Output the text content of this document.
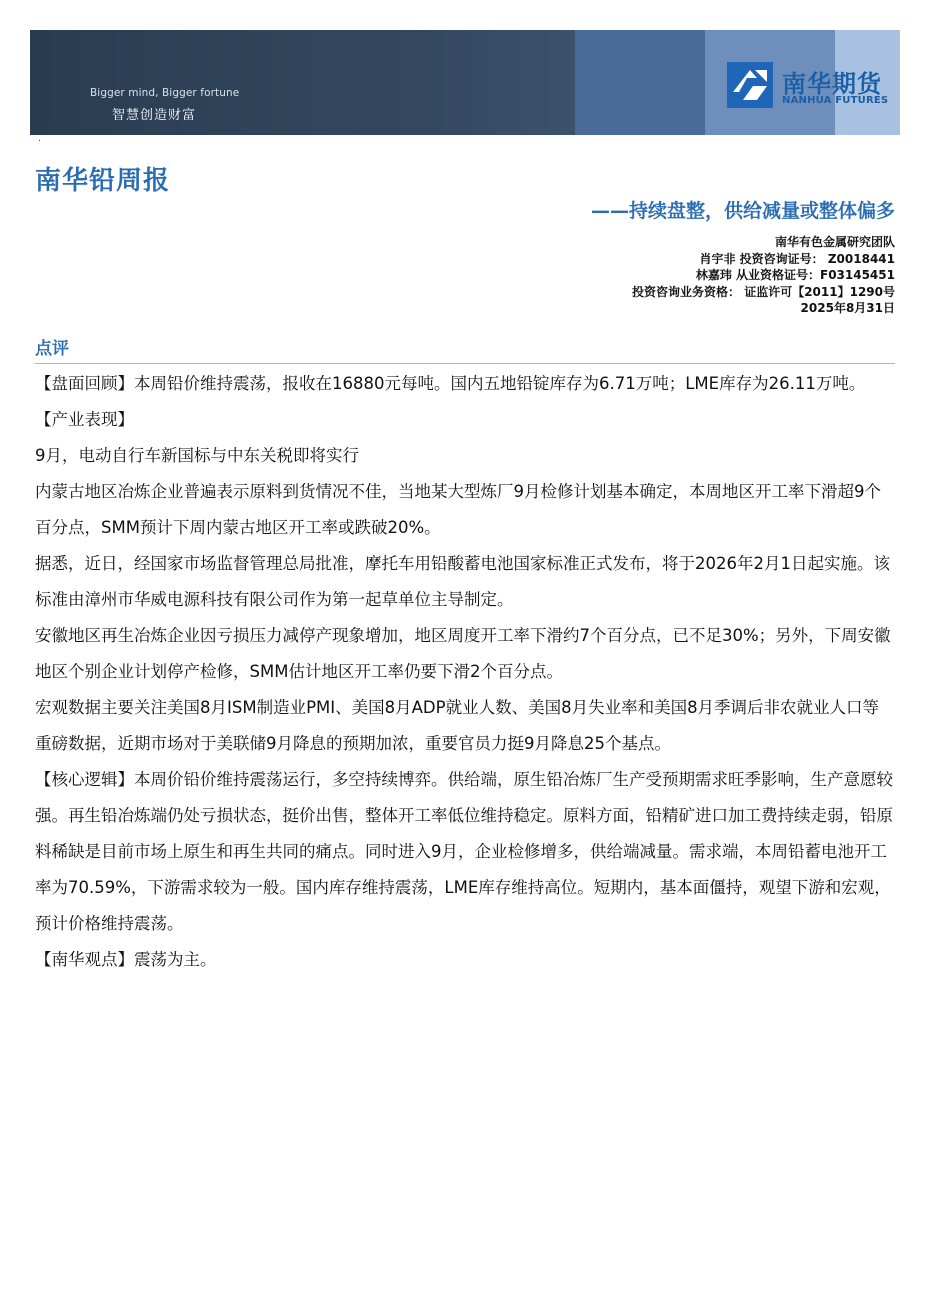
Bigger mind, Bigger fortune
智慧创造财富
南华期货
NANHUA FUTURES
·
南华铅周报
——持续盘整，供给减量或整体偏多
南华有色金属研究团队
肖宇非 投资咨询证号： Z0018441
林嘉玮 从业资格证号：F03145451
投资咨询业务资格： 证监许可【2011】1290号
2025年8月31日
点评

【盘面回顾】本周铅价维持震荡，报收在16880元每吨。国内五地铅锭库存为6.71万吨；LME库存为26.11万吨。

【产业表现】

9月，电动自行车新国标与中东关税即将实行

内蒙古地区冶炼企业普遍表示原料到货情况不佳，当地某大型炼厂9月检修计划基本确定，本周地区开工率下滑超9个百分点，SMM预计下周内蒙古地区开工率或跌破20%。

据悉，近日，经国家市场监督管理总局批准，摩托车用铅酸蓄电池国家标准正式发布，将于2026年2月1日起实施。该标准由漳州市华威电源科技有限公司作为第一起草单位主导制定。

安徽地区再生冶炼企业因亏损压力减停产现象增加，地区周度开工率下滑约7个百分点，已不足30%；另外，下周安徽地区个别企业计划停产检修，SMM估计地区开工率仍要下滑2个百分点。

宏观数据主要关注美国8月ISM制造业PMI、美国8月ADP就业人数、美国8月失业率和美国8月季调后非农就业人口等重磅数据，近期市场对于美联储9月降息的预期加浓，重要官员力挺9月降息25个基点。

【核心逻辑】本周价铅价维持震荡运行，多空持续博弈。供给端，原生铅冶炼厂生产受预期需求旺季影响，生产意愿较强。再生铅冶炼端仍处亏损状态，挺价出售，整体开工率低位维持稳定。原料方面，铅精矿进口加工费持续走弱，铅原料稀缺是目前市场上原生和再生共同的痛点。同时进入9月，企业检修增多，供给端减量。需求端，本周铅蓄电池开工率为70.59%，下游需求较为一般。国内库存维持震荡，LME库存维持高位。短期内，基本面僵持，观望下游和宏观，预计价格维持震荡。

【南华观点】震荡为主。
